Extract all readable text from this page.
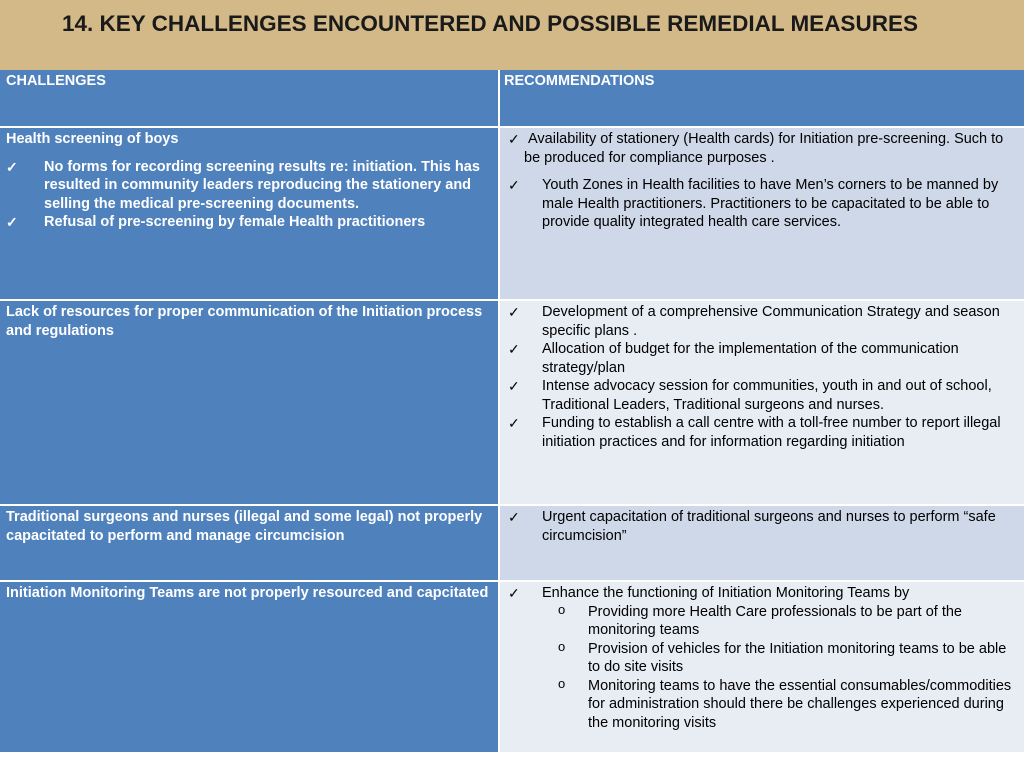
14. KEY CHALLENGES ENCOUNTERED AND POSSIBLE REMEDIAL MEASURES
CHALLENGES	RECOMMENDATIONS
Health screening of boys
✓ No forms for recording screening results re: initiation. This has resulted in community leaders reproducing the stationery and selling the medical pre-screening documents.
✓ Refusal of pre-screening by female Health practitioners
✓ Availability of stationery (Health cards) for Initiation pre-screening. Such to be produced for compliance purposes .
✓ Youth Zones in Health facilities to have Men’s corners to be manned by male Health practitioners. Practitioners to be capacitated to be able to provide quality integrated health care services.
Lack of resources for proper communication of the Initiation process and regulations
✓ Development of a comprehensive Communication Strategy and season specific plans .
✓ Allocation of budget for the implementation of the communication strategy/plan
✓ Intense advocacy session for communities, youth in and out of school, Traditional Leaders, Traditional surgeons and nurses.
✓ Funding to establish a call centre with a toll-free number to report illegal initiation practices and for information regarding initiation
Traditional surgeons and nurses (illegal and some legal) not properly capacitated to perform and manage circumcision
✓ Urgent capacitation of traditional surgeons and nurses to perform “safe circumcision”
Initiation Monitoring Teams are not properly resourced and capcitated	✓ Enhance the functioning of Initiation Monitoring Teams by
o Providing more Health Care professionals to be part of the monitoring teams
o Provision of vehicles for the Initiation monitoring teams to be able to do site visits
o Monitoring teams to have the essential consumables/commodities for administration should there be challenges experienced during the monitoring visits
